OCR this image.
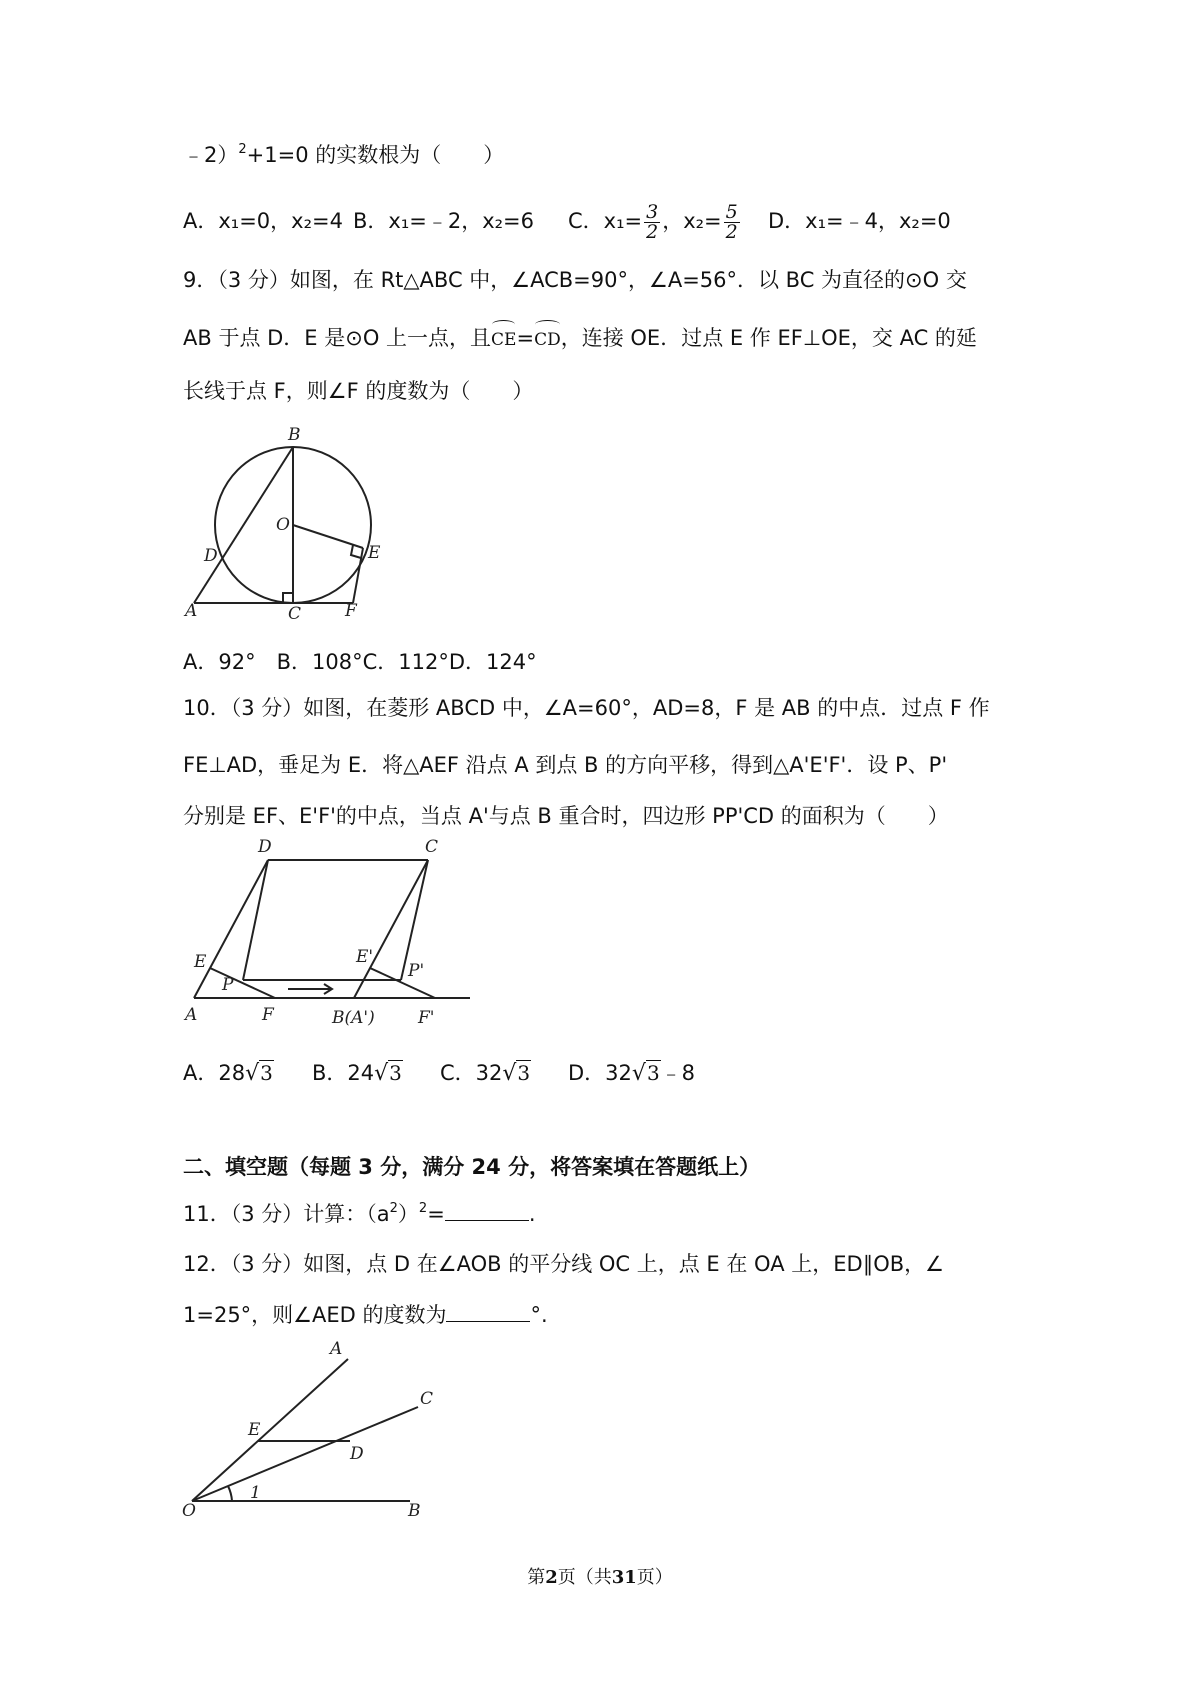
﹣2）$^2$+1=0 的实数根为（　　）
A．x₁=0，x₂=4 B．x₁=﹣2，x₂=6 C．$x_1= \frac{3}{2}$ ，$x_2= \frac{5}{2}$ D．x₁=﹣4，x₂=0
9．（3 分）如图，在 Rt△ABC 中，∠ACB=90°，∠A=56°．以 BC 为直径的⊙O 交
AB 于点 D．E 是⊙O 上一点，且CE=CD，连接 OE．过点 E 作 EF⊥OE，交 AC 的延
长线于点 F，则∠F 的度数为（　　）
B
O
D	E
A	C	F
A．92°　B．108°C．112°D．124°
10．（3 分）如图，在菱形 ABCD 中，∠A=60°，AD=8，F 是 AB 的中点．过点 F 作
FE⊥AD，垂足为 E．将△AEF 沿点 A 到点 B 的方向平移，得到△A'E'F'．设 P、P'
分别是 EF、E'F'的中点，当点 A'与点 B 重合时，四边形 PP'CD 的面积为（　　）
D	C
E	E'
P
P'
A	F	B(A')	F'
A．28√3 B．24√3 C．32√3 D．32√3﹣8
二、填空题（每题 3 分，满分 24 分，将答案填在答题纸上）
11．（3 分）计算：$(a^2)^2=$	.
12．（3 分）如图，点 D 在∠AOB 的平分线 OC 上，点 E 在 OA 上，ED∥OB，∠
1=25°，则∠AED 的度数为	°.
A
C
E
D
O	B
1
第2页（共31页）
